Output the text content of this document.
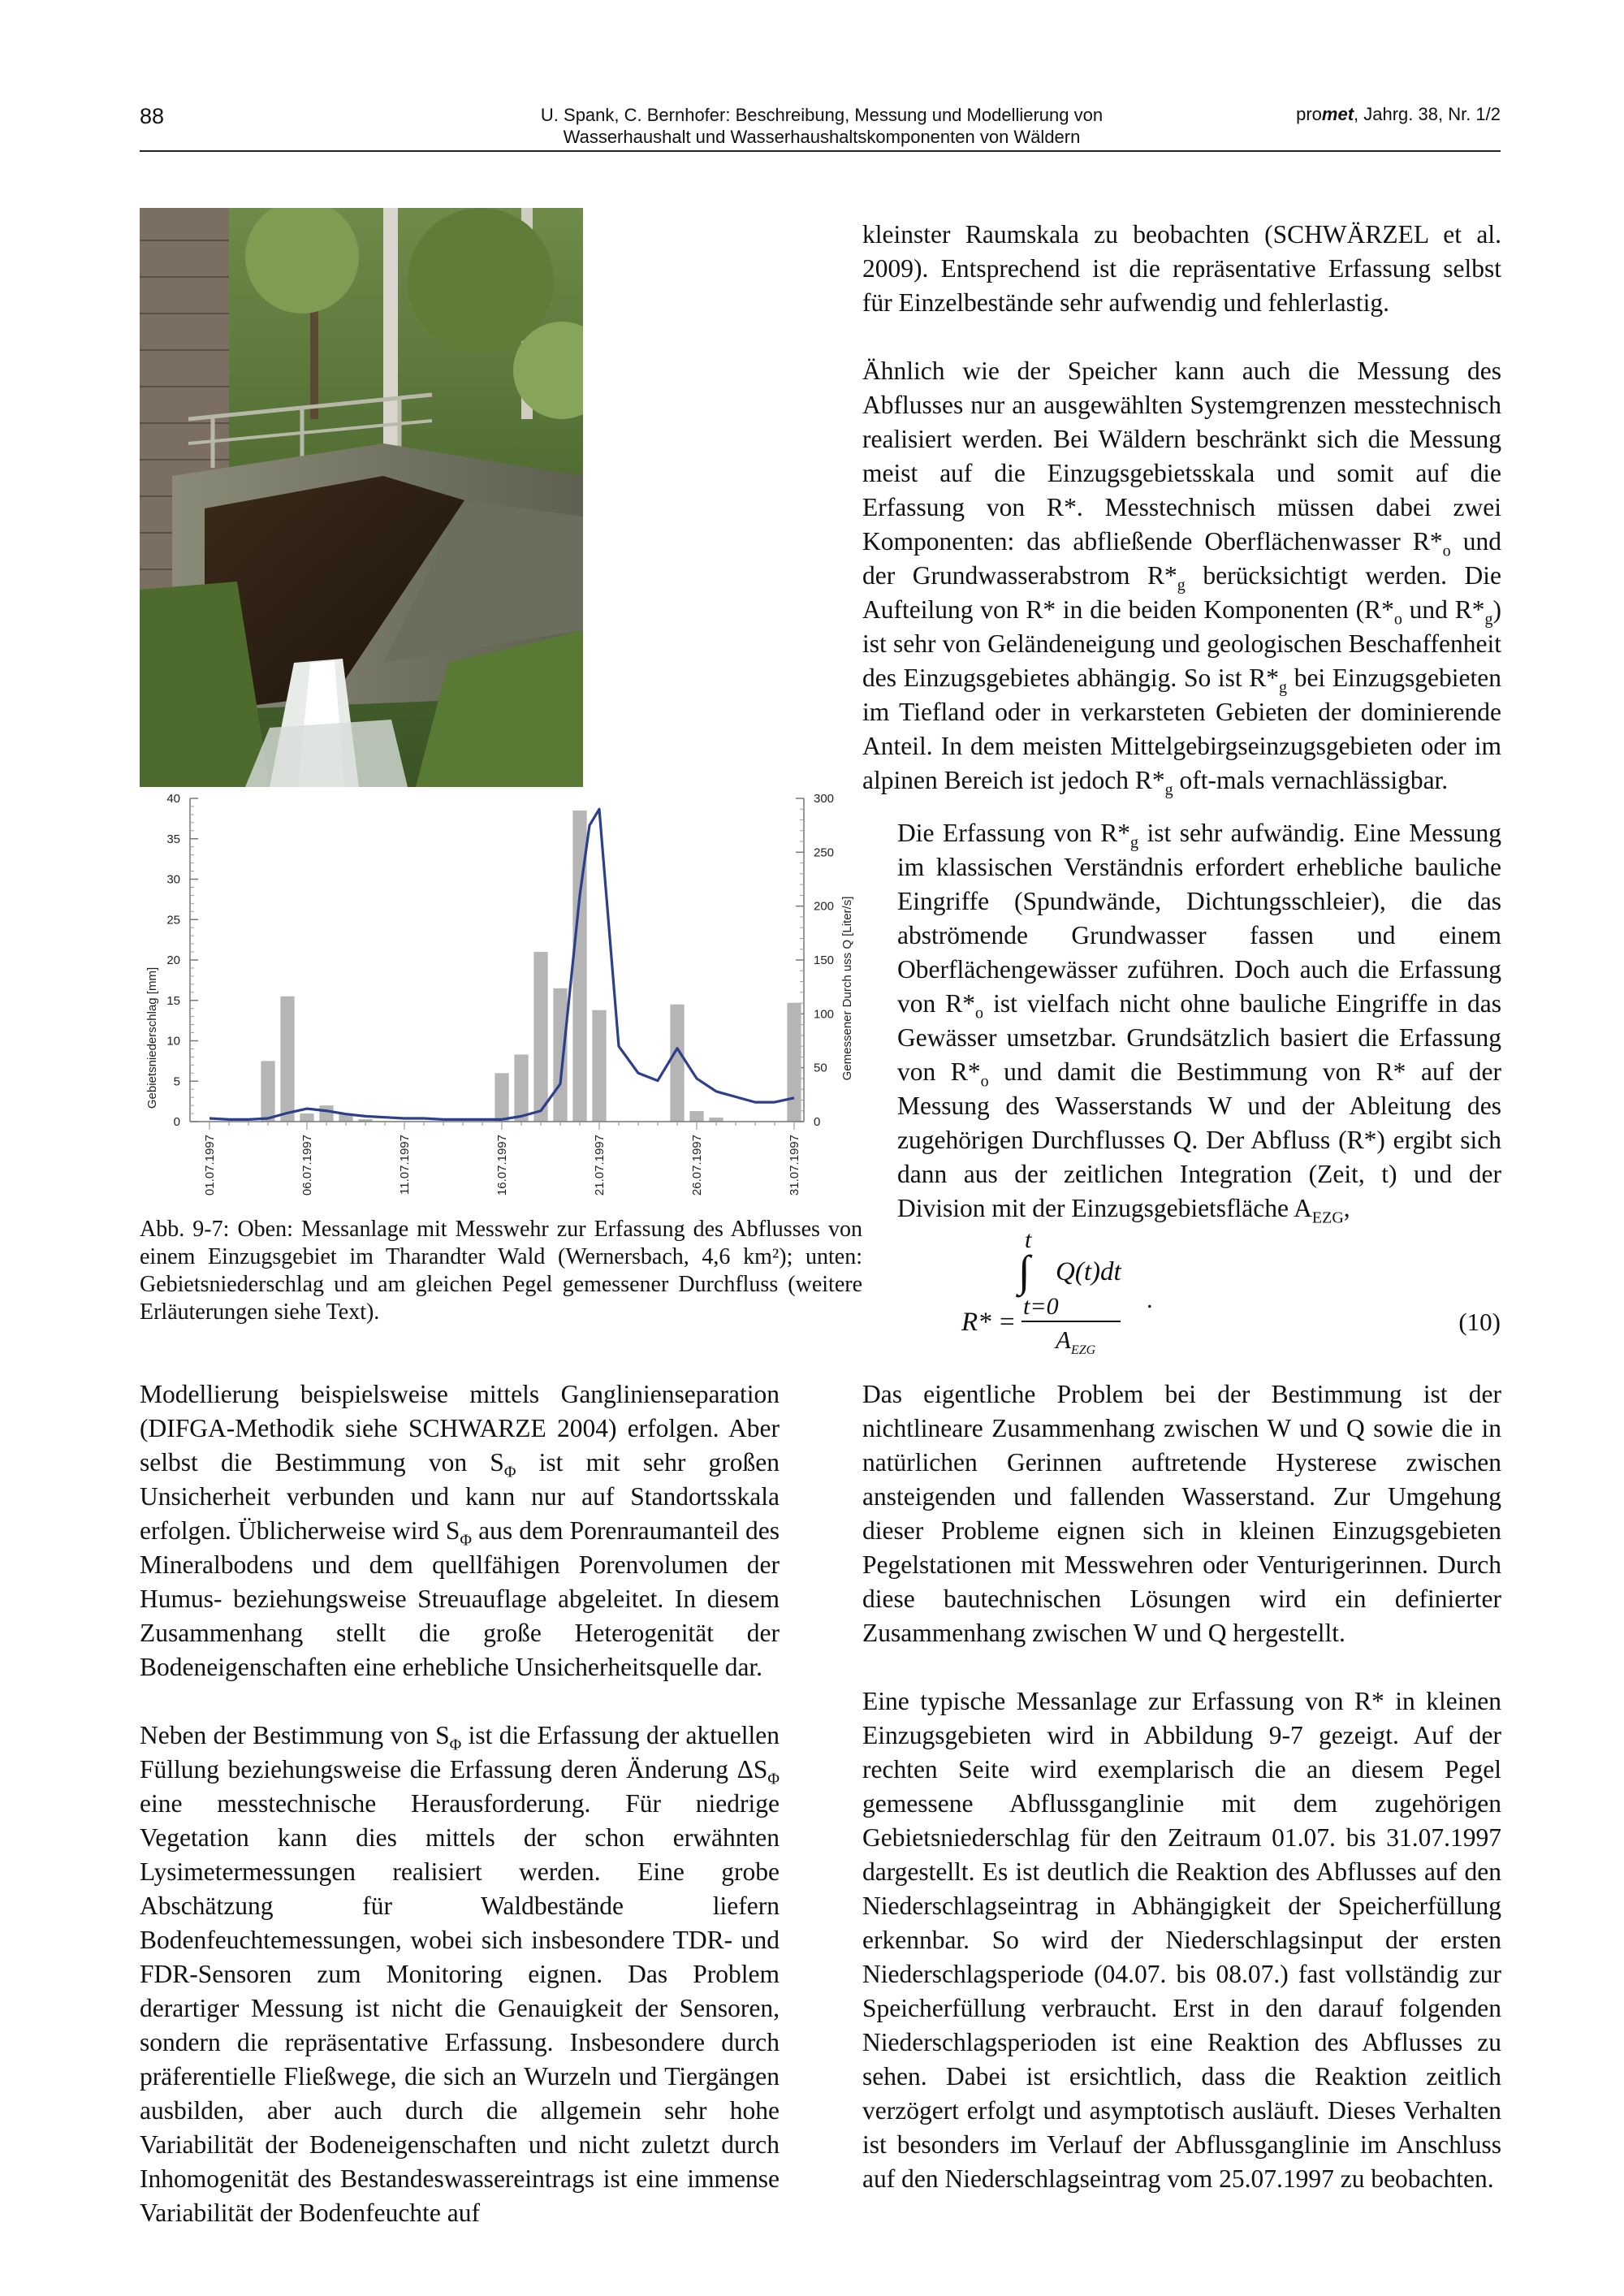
88	U. Spank, C. Bernhofer: Beschreibung, Messung und Modellierung von
Wasserhaushalt und Wasserhaushaltskomponenten von Wäldern
promet, Jahrg. 38, Nr. 1/2
0
5
10
15
20
25
30
35
40
0
50
100
150
200
250
300
01.07.1997	06.07.1997	11.07.1997	16.07.1997	21.07.1997	26.07.1997	31.07.1997
Gebietsniederschlag [mm]	Gemessener Durch uss Q [Liter/s]
Abb. 9-7: Oben: Messanlage mit Messwehr zur Erfassung des Abflusses von einem Einzugsgebiet im Tharandter Wald (Wernersbach, 4,6 km²); unten: Gebietsniederschlag und am gleichen Pegel gemessener Durchfluss (weitere Erläuterungen siehe Text).

Modellierung beispielsweise mittels Ganglinienseparation (DIFGA-Methodik siehe SCHWARZE 2004) erfolgen. Aber selbst die Bestimmung von $S_\Phi$ ist mit sehr großen Unsicherheit verbunden und kann nur auf Standortsskala erfolgen. Üblicherweise wird $S_\Phi$ aus dem Porenraumanteil des Mineralbodens und dem quellfähigen Porenvolumen der Humus- beziehungsweise Streuauflage abgeleitet. In diesem Zusammenhang stellt die große Heterogenität der Bodeneigenschaften eine erhebliche Unsicherheitsquelle dar.

Neben der Bestimmung von $S_\Phi$ ist die Erfassung der aktuellen Füllung beziehungsweise die Erfassung deren Änderung $\Delta S_\Phi$ eine messtechnische Herausforderung. Für niedrige Vegetation kann dies mittels der schon erwähnten Lysimetermessungen realisiert werden. Eine grobe Abschätzung für Waldbestände liefern Bodenfeuchtemessungen, wobei sich insbesondere TDR- und FDR-Sensoren zum Monitoring eignen. Das Problem derartiger Messung ist nicht die Genauigkeit der Sensoren, sondern die repräsentative Erfassung. Insbesondere durch präferentielle Fließwege, die sich an Wurzeln und Tiergängen ausbilden, aber auch durch die allgemein sehr hohe Variabilität der Bodeneigenschaften und nicht zuletzt durch Inhomogenität des Bestandeswassereintrags ist eine immense Variabilität der Bodenfeuchte auf

kleinster Raumskala zu beobachten (SCHWÄRZEL et al. 2009). Entsprechend ist die repräsentative Erfassung selbst für Einzelbestände sehr aufwendig und fehlerlastig.

Ähnlich wie der Speicher kann auch die Messung des Abflusses nur an ausgewählten Systemgrenzen messtechnisch realisiert werden. Bei Wäldern beschränkt sich die Messung meist auf die Einzugsgebietsskala und somit auf die Erfassung von R*. Messtechnisch müssen dabei zwei Komponenten: das abfließende Oberflächenwasser $R*_o$ und der Grundwasserabstrom $R*_g$ berücksichtigt werden. Die Aufteilung von R* in die beiden Komponenten ($R*_o$ und $R*_g$) ist sehr von Geländeneigung und geologischen Beschaffenheit des Einzugsgebietes abhängig. So ist $R*_g$ bei Einzugsgebieten im Tiefland oder in verkarsteten Gebieten der dominierende Anteil. In dem meisten Mittelgebirgseinzugsgebieten oder im alpinen Bereich ist jedoch $R*_g$ oft-mals vernachlässigbar.

Die Erfassung von $R*_g$ ist sehr aufwändig. Eine Messung im klassischen Verständnis erfordert erhebliche bauliche Eingriffe (Spundwände, Dichtungsschleier), die das abströmende Grundwasser fassen und einem Oberflächengewässer zuführen. Doch auch die Erfassung von $R*_o$ ist vielfach nicht ohne bauliche Eingriffe in das Gewässer umsetzbar. Grundsätzlich basiert die Erfassung von $R*_o$ und damit die Bestimmung von R* auf der Messung des Wasserstands W und der Ableitung des zugehörigen Durchflusses Q. Der Abfluss (R*) ergibt sich dann aus der zeitlichen Integration (Zeit, t) und der Division mit der Einzugsgebietsfläche $A_{EZG}$,

t
∫ Q(t)dt
R* =
t=0	.
$A_{EZG}$
(10)

Das eigentliche Problem bei der Bestimmung ist der nichtlineare Zusammenhang zwischen W und Q sowie die in natürlichen Gerinnen auftretende Hysterese zwischen ansteigenden und fallenden Wasserstand. Zur Umgehung dieser Probleme eignen sich in kleinen Einzugsgebieten Pegelstationen mit Messwehren oder Venturigerinnen. Durch diese bautechnischen Lösungen wird ein definierter Zusammenhang zwischen W und Q hergestellt.

Eine typische Messanlage zur Erfassung von R* in kleinen Einzugsgebieten wird in Abbildung 9-7 gezeigt. Auf der rechten Seite wird exemplarisch die an diesem Pegel gemessene Abflussganglinie mit dem zugehörigen Gebietsniederschlag für den Zeitraum 01.07. bis 31.07.1997 dargestellt. Es ist deutlich die Reaktion des Abflusses auf den Niederschlagseintrag in Abhängigkeit der Speicherfüllung erkennbar. So wird der Niederschlagsinput der ersten Niederschlagsperiode (04.07. bis 08.07.) fast vollständig zur Speicherfüllung verbraucht. Erst in den darauf folgenden Niederschlagsperioden ist eine Reaktion des Abflusses zu sehen. Dabei ist ersichtlich, dass die Reaktion zeitlich verzögert erfolgt und asymptotisch ausläuft. Dieses Verhalten ist besonders im Verlauf der Abflussganglinie im Anschluss auf den Niederschlagseintrag vom 25.07.1997 zu beobachten.
